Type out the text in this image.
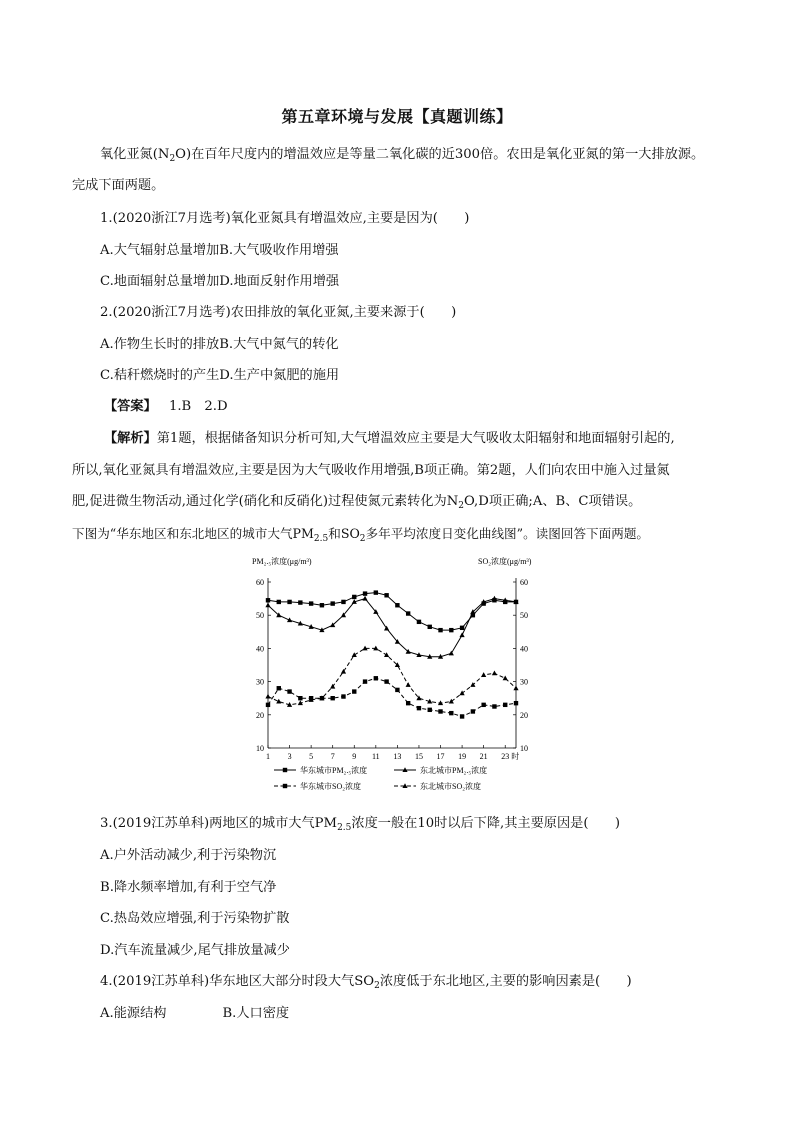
第五章环境与发展【真题训练】
氧化亚氮$(N_2O)$在百年尺度内的增温效应是等量二氧化碳的近300倍。农田是氧化亚氮的第一大排放源。
完成下面两题。
1.(2020浙江7月选考)氧化亚氮具有增温效应,主要是因为(　　)
A.大气辐射总量增加B.大气吸收作用增强
C.地面辐射总量增加D.地面反射作用增强
2.(2020浙江7月选考)农田排放的氧化亚氮,主要来源于(　　)
A.作物生长时的排放B.大气中氮气的转化
C.秸秆燃烧时的产生D.生产中氮肥的施用
【答案】 1.B　2.D
【解析】第1题，根据储备知识分析可知,大气增温效应主要是大气吸收太阳辐射和地面辐射引起的,
所以,氧化亚氮具有增温效应,主要是因为大气吸收作用增强,B项正确。第2题，人们向农田中施入过量氮
肥,促进微生物活动,通过化学(硝化和反硝化)过程使氮元素转化为$N_2O,D$项正确;A、B、C项错误。
下图为“华东地区和东北地区的城市大气$PM_{2.5}$和$SO_2$多年平均浓度日变化曲线图”。读图回答下面两题。
PM₂.₅浓度(μg/m³)	SO₂浓度(μg/m³)
10	10
20	20
30	30
40	40
50	50
60	60
1 3 5 7 9 11 13 15 17 19 21 23 时
华东城市PM₂.₅浓度	东北城市PM₂.₅浓度
华东城市SO₂浓度	东北城市SO₂浓度
3.(2019江苏单科)两地区的城市大气$PM_{2.5}$浓度一般在10时以后下降,其主要原因是(　　)
A.户外活动减少,利于污染物沉
B.降水频率增加,有利于空气净
C.热岛效应增强,利于污染物扩散
D.汽车流量减少,尾气排放量减少
4.(2019江苏单科)华东地区大部分时段大气$SO_2$浓度低于东北地区,主要的影响因素是(　　)
A.能源结构	B.人口密度
